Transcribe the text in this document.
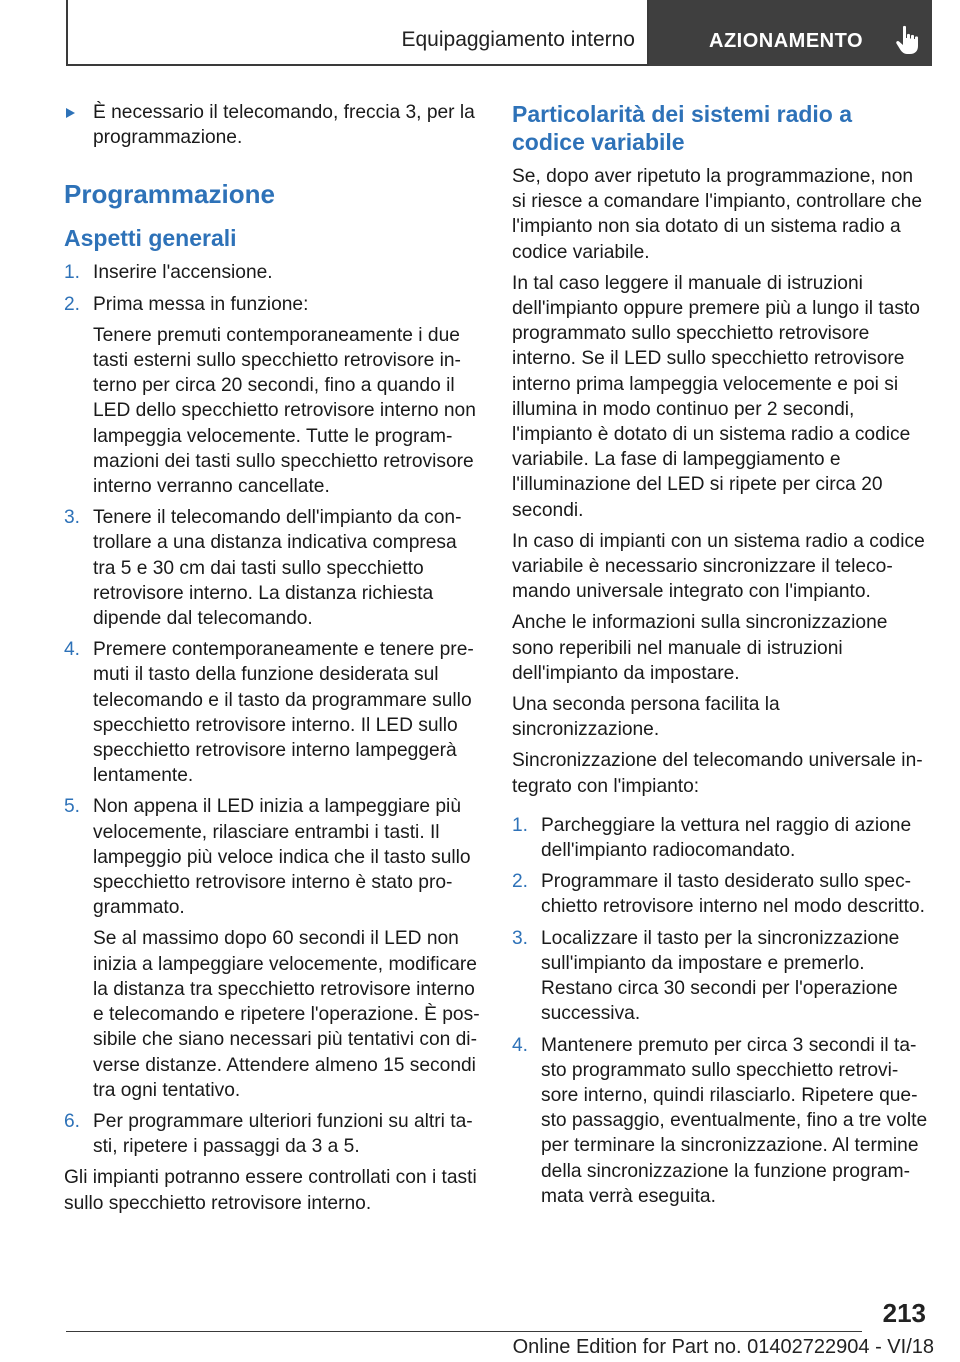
Equipaggiamento interno	AZIONAMENTO
È necessario il telecomando, freccia 3, per la programmazione.
Programmazione
Aspetti generali
1. Inserire l'accensione.
2. Prima messa in funzione:
Tenere premuti contemporaneamente i due tasti esterni sullo specchietto retrovisore interno per circa 20 secondi, fino a quando il LED dello specchietto retrovisore interno non lampeggia velocemente. Tutte le programmazioni dei tasti sullo specchietto retrovisore interno verranno cancellate.
3. Tenere il telecomando dell'impianto da controllare a una distanza indicativa compresa tra 5 e 30 cm dai tasti sullo specchietto retrovisore interno. La distanza richiesta dipende dal telecomando.
4. Premere contemporaneamente e tenere premuti il tasto della funzione desiderata sul telecomando e il tasto da programmare sullo specchietto retrovisore interno. Il LED sullo specchietto retrovisore interno lampeggerà lentamente.
5. Non appena il LED inizia a lampeggiare più velocemente, rilasciare entrambi i tasti. Il lampeggio più veloce indica che il tasto sullo specchietto retrovisore interno è stato programmato.
Se al massimo dopo 60 secondi il LED non inizia a lampeggiare velocemente, modificare la distanza tra specchietto retrovisore interno e telecomando e ripetere l'operazione. È possibile che siano necessari più tentativi con diverse distanze. Attendere almeno 15 secondi tra ogni tentativo.
6. Per programmare ulteriori funzioni su altri tasti, ripetere i passaggi da 3 a 5.

Gli impianti potranno essere controllati con i tasti sullo specchietto retrovisore interno.

Particolarità dei sistemi radio a codice variabile

Se, dopo aver ripetuto la programmazione, non si riesce a comandare l'impianto, controllare che l'impianto non sia dotato di un sistema radio a codice variabile.

In tal caso leggere il manuale di istruzioni dell'impianto oppure premere più a lungo il tasto programmato sullo specchietto retrovisore interno. Se il LED sullo specchietto retrovisore interno prima lampeggia velocemente e poi si illumina in modo continuo per 2 secondi, l'impianto è dotato di un sistema radio a codice variabile. La fase di lampeggiamento e l'illuminazione del LED si ripete per circa 20 secondi.

In caso di impianti con un sistema radio a codice variabile è necessario sincronizzare il telecomando universale integrato con l'impianto.

Anche le informazioni sulla sincronizzazione sono reperibili nel manuale di istruzioni dell'impianto da impostare.

Una seconda persona facilita la sincronizzazione.

Sincronizzazione del telecomando universale integrato con l'impianto:

1. Parcheggiare la vettura nel raggio di azione dell'impianto radiocomandato.
2. Programmare il tasto desiderato sullo specchietto retrovisore interno nel modo descritto.
3. Localizzare il tasto per la sincronizzazione sull'impianto da impostare e premerlo. Restano circa 30 secondi per l'operazione successiva.
4. Mantenere premuto per circa 3 secondi il tasto programmato sullo specchietto retrovisore interno, quindi rilasciarlo. Ripetere questo passaggio, eventualmente, fino a tre volte per terminare la sincronizzazione. Al termine della sincronizzazione la funzione programmata verrà eseguita.
213
Online Edition for Part no. 01402722904 - VI/18
